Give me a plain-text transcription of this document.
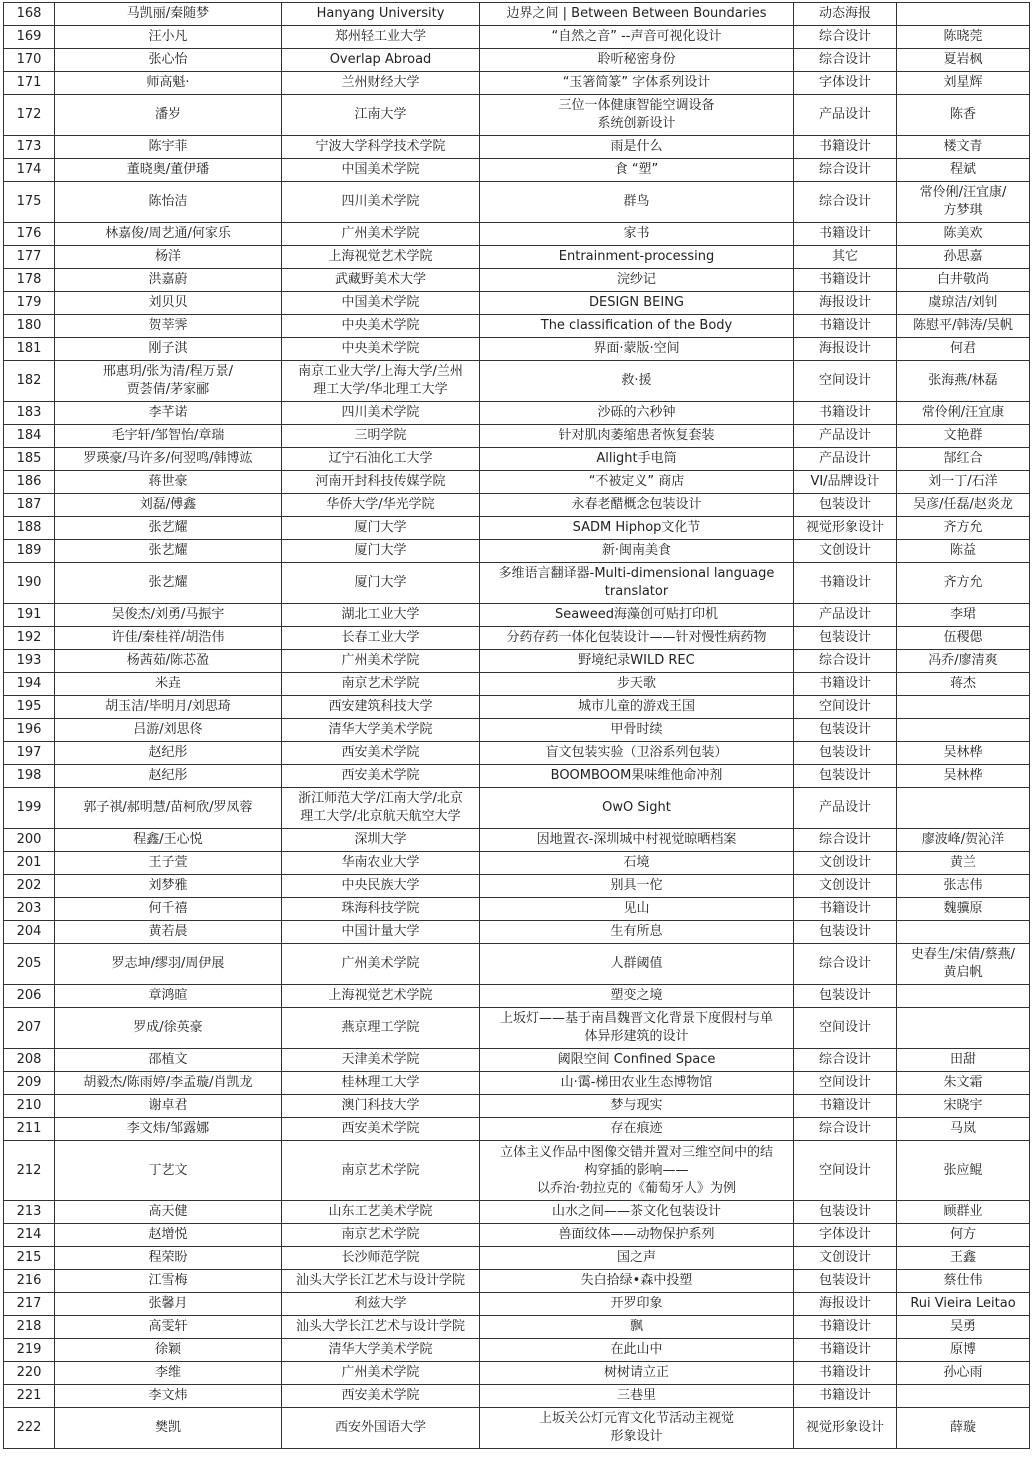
168	马凯丽/秦随梦	Hanyang University	边界之间 | Between Between Boundaries	动态海报	
169	汪小凡	郑州轻工业大学	“自然之音” --声音可视化设计	综合设计	陈晓莞
170	张心怡	Overlap Abroad	聆听秘密身份	综合设计	夏岩枫
171	师高魁·	兰州财经大学	“玉箸简篆” 字体系列设计	字体设计	刘星辉
172	潘岁	江南大学	三位一体健康智能空调设备
系统创新设计	产品设计	陈香
173	陈宇菲	宁波大学科学技术学院	雨是什么	书籍设计	楼文青
174	董晓奥/董伊璠	中国美术学院	食 “塑”	综合设计	程斌
175	陈怡洁	四川美术学院	群鸟	综合设计	常伶俐/汪宜康/
方梦琪
176	林嘉俊/周艺通/何家乐	广州美术学院	家书	书籍设计	陈美欢
177	杨洋	上海视觉艺术学院	Entrainment-processing	其它	孙思嘉
178	洪嘉蔚	武藏野美术大学	浣纱记	书籍设计	白井敬尚
179	刘贝贝	中国美术学院	DESIGN BEING	海报设计	虞琼洁/刘钊
180	贺莘霁	中央美术学院	The classification of the Body	书籍设计	陈慰平/韩涛/吴帆
181	刚子淇	中央美术学院	界面·蒙版·空间	海报设计	何君
182	邢惠玥/张为清/程万景/
贾荟倩/茅家郦	南京工业大学/上海大学/兰州
理工大学/华北理工大学	救·援	空间设计	张海燕/林磊
183	李芊诺	四川美术学院	沙砾的六秒钟	书籍设计	常伶俐/汪宜康
184	毛宇轩/邹智怡/章瑞	三明学院	针对肌肉萎缩患者恢复套装	产品设计	文艳群
185	罗瑛豪/马许多/何翌鸣/韩博竑	辽宁石油化工大学	Allight手电筒	产品设计	郜红合
186	蒋世豪	河南开封科技传媒学院	“不被定义” 商店	VI/品牌设计	刘一丁/石洋
187	刘磊/傅鑫	华侨大学/华光学院	永春老醋概念包装设计	包装设计	吴彦/任磊/赵炎龙
188	张艺耀	厦门大学	SADM Hiphop文化节	视觉形象设计	齐方允
189	张艺耀	厦门大学	新·闽南美食	文创设计	陈益
190	张艺耀	厦门大学	多维语言翻译器-Multi-dimensional language
translator	书籍设计	齐方允
191	吴俊杰/刘勇/马振宇	湖北工业大学	Seaweed海藻创可贴打印机	产品设计	李珺
192	许佳/秦桂祥/胡浩伟	长春工业大学	分药存药一体化包装设计——针对慢性病药物	包装设计	伍稷偲
193	杨茜茹/陈芯盈	广州美术学院	野境纪录WILD REC	综合设计	冯乔/廖清爽
194	米垚	南京艺术学院	步天歌	书籍设计	蒋杰
195	胡玉洁/毕明月/刘思琦	西安建筑科技大学	城市儿童的游戏王国	空间设计	
196	吕游/刘思佟	清华大学美术学院	甲骨时续	包装设计	
197	赵纪彤	西安美术学院	盲文包装实验（卫浴系列包装）	包装设计	吴林桦
198	赵纪彤	西安美术学院	BOOMBOOM果味维他命冲剂	包装设计	吴林桦
199	郭子祺/郝明慧/苗柯欣/罗凤蓉	浙江师范大学/江南大学/北京
理工大学/北京航天航空大学	OwO Sight	产品设计	
200	程鑫/王心悦	深圳大学	因地置衣-深圳城中村视觉晾晒档案	综合设计	廖波峰/贺沁洋
201	王子萱	华南农业大学	石境	文创设计	黄兰
202	刘梦雅	中央民族大学	别具一佗	文创设计	张志伟
203	何千禧	珠海科技学院	见山	书籍设计	魏骥原
204	黄若晨	中国计量大学	生有所息	包装设计	
205	罗志坤/缪羽/周伊展	广州美术学院	人群阈值	综合设计	史春生/宋倩/蔡燕/
黄启帆
206	章鸿暄	上海视觉艺术学院	塑变之境	包装设计	
207	罗成/徐英豪	燕京理工学院	上坂灯——基于南昌魏晋文化背景下度假村与单
体异形建筑的设计	空间设计	
208	邵植文	天津美术学院	阈限空间 Confined Space	综合设计	田甜
209	胡毅杰/陈雨婷/李孟璇/肖凯龙	桂林理工大学	山·霭-梯田农业生态博物馆	空间设计	朱文霜
210	谢卓君	澳门科技大学	梦与现实	书籍设计	宋晓宇
211	李文炜/邹露娜	西安美术学院	存在痕迹	综合设计	马岚
212	丁艺文	南京艺术学院	立体主义作品中图像交错并置对三维空间中的结
构穿插的影响——
以乔治·勃拉克的《葡萄牙人》为例	空间设计	张应鲲
213	高天健	山东工艺美术学院	山水之间——茶文化包装设计	包装设计	顾群业
214	赵增悦	南京艺术学院	兽面纹体——动物保护系列	字体设计	何方
215	程荣盼	长沙师范学院	国之声	文创设计	王鑫
216	江雪梅	汕头大学长江艺术与设计学院	失白拾绿•森中投塑	包装设计	蔡仕伟
217	张馨月	利兹大学	开罗印象	海报设计	Rui Vieira Leitao
218	高雯轩	汕头大学长江艺术与设计学院	飘	书籍设计	吴勇
219	徐颖	清华大学美术学院	在此山中	书籍设计	原博
220	李维	广州美术学院	树树请立正	书籍设计	孙心雨
221	李文炜	西安美术学院	三巷里	书籍设计	
222	樊凯	西安外国语大学	上坂关公灯元宵文化节活动主视觉
形象设计	视觉形象设计	薛璇
